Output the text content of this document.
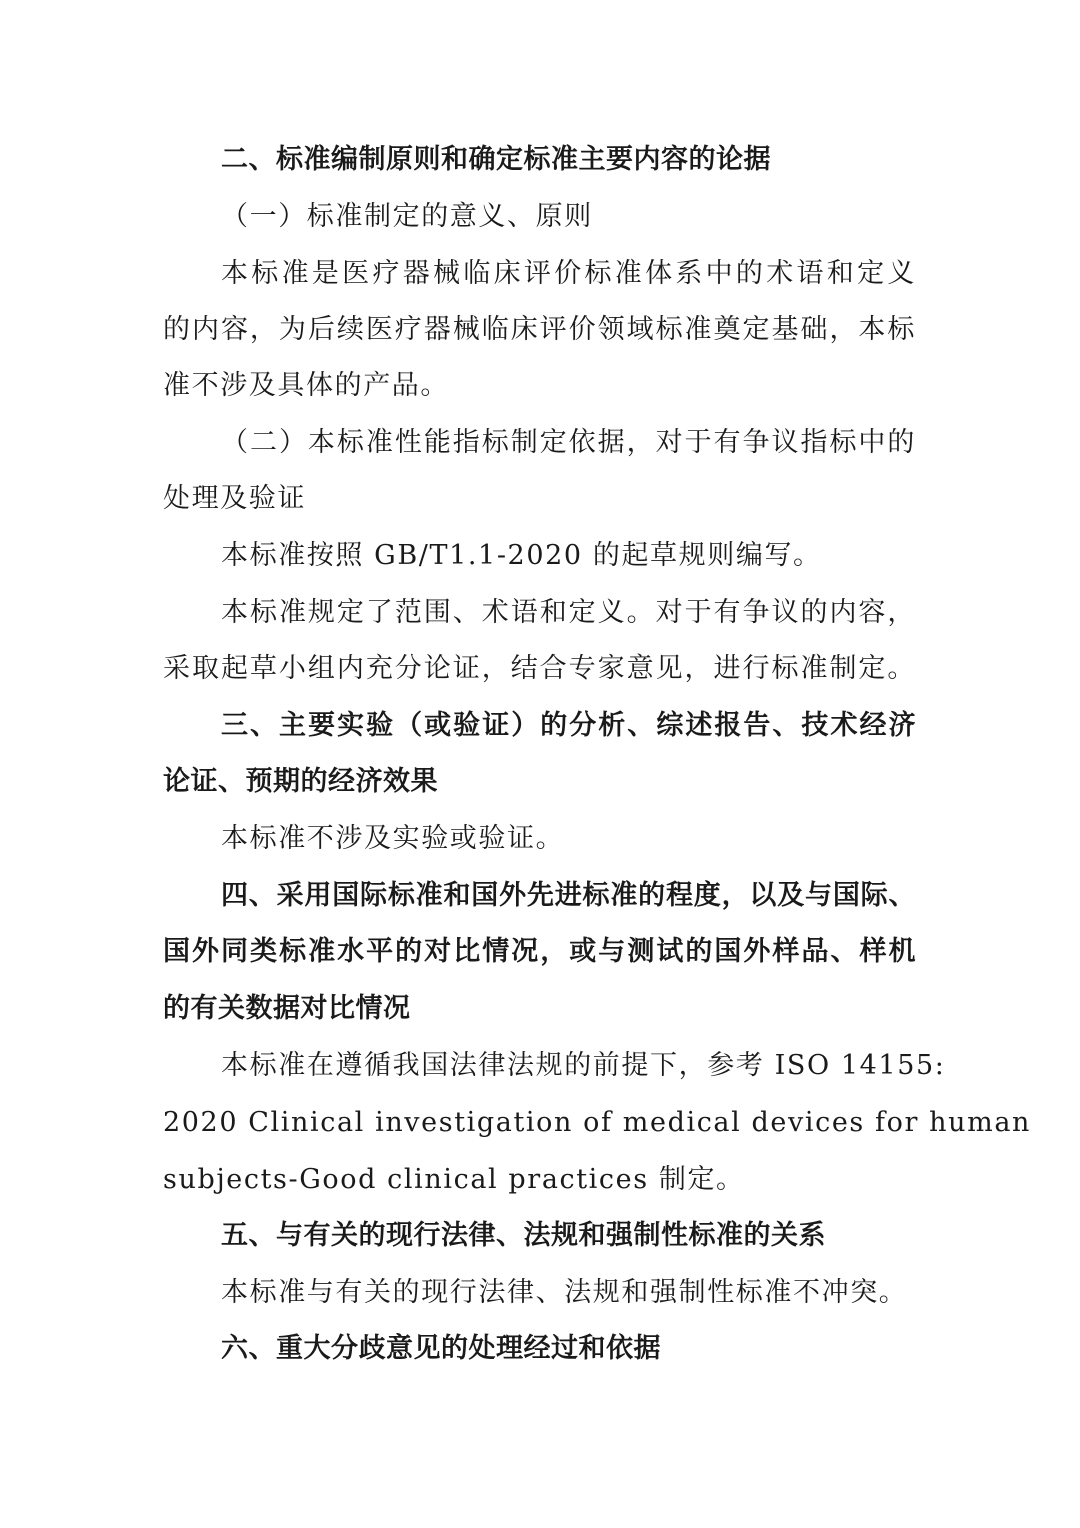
二、标准编制原则和确定标准主要内容的论据
（一）标准制定的意义、原则
本标准是医疗器械临床评价标准体系中的术语和定义
的内容，为后续医疗器械临床评价领域标准奠定基础，本标
准不涉及具体的产品。
（二）本标准性能指标制定依据，对于有争议指标中的
处理及验证
本标准按照 GB/T1.1-2020 的起草规则编写。
本标准规定了范围、术语和定义。对于有争议的内容，
采取起草小组内充分论证，结合专家意见，进行标准制定。
三、主要实验（或验证）的分析、综述报告、技术经济
论证、预期的经济效果
本标准不涉及实验或验证。
四、采用国际标准和国外先进标准的程度，以及与国际、
国外同类标准水平的对比情况，或与测试的国外样品、样机
的有关数据对比情况
本标准在遵循我国法律法规的前提下，参考 ISO 14155:
2020 Clinical investigation of medical devices for human
subjects-Good clinical practices 制定。
五、与有关的现行法律、法规和强制性标准的关系
本标准与有关的现行法律、法规和强制性标准不冲突。
六、重大分歧意见的处理经过和依据
